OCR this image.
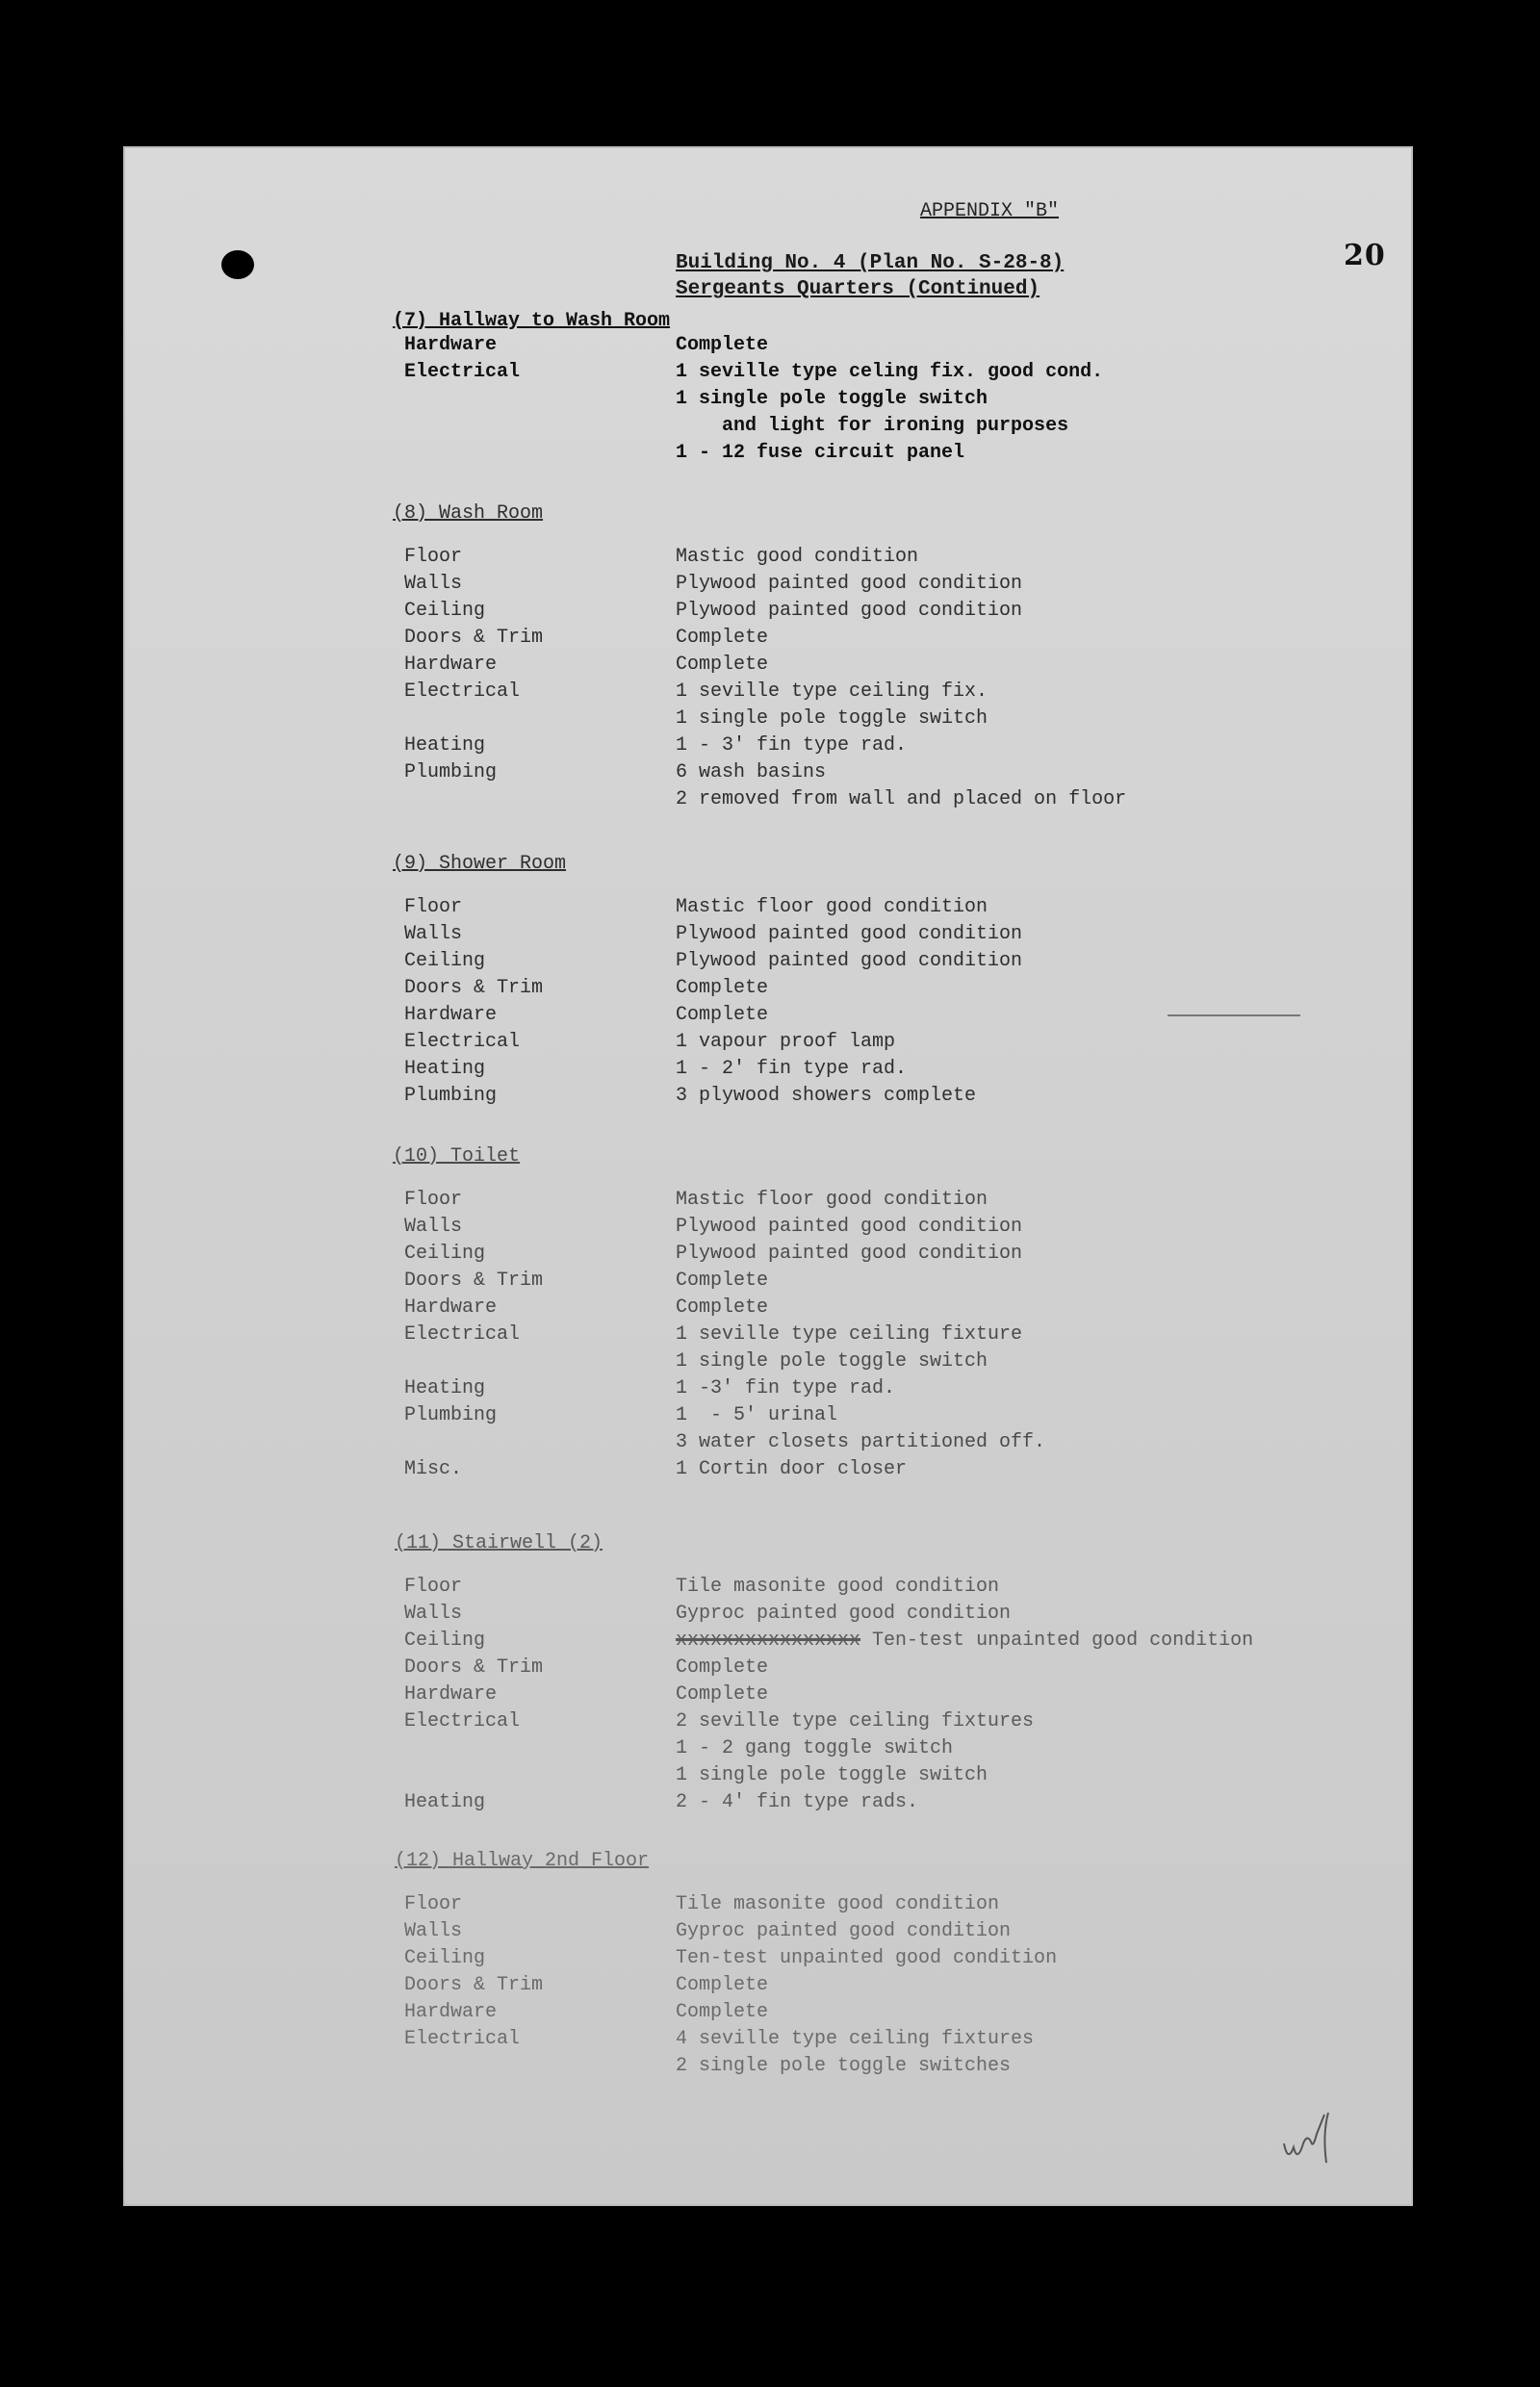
APPENDIX "B"
20
Building No. 4 (Plan No. S-28-8)
Sergeants Quarters (Continued)
(7) Hallway to Wash Room
Hardware	Complete
Electrical	1 seville type celing fix. good cond.
1 single pole toggle switch
and light for ironing purposes
1 - 12 fuse circuit panel
(8) Wash Room
Floor	Mastic good condition
Walls	Plywood painted good condition
Ceiling	Plywood painted good condition
Doors & Trim	Complete
Hardware	Complete
Electrical	1 seville type ceiling fix.
1 single pole toggle switch
Heating	1 - 3' fin type rad.
Plumbing	6 wash basins
2 removed from wall and placed on floor
(9) Shower Room
Floor	Mastic floor good condition
Walls	Plywood painted good condition
Ceiling	Plywood painted good condition
Doors & Trim	Complete
Hardware	Complete
Electrical	1 vapour proof lamp
Heating	1 - 2' fin type rad.
Plumbing	3 plywood showers complete
(10) Toilet
Floor	Mastic floor good condition
Walls	Plywood painted good condition
Ceiling	Plywood painted good condition
Doors & Trim	Complete
Hardware	Complete
Electrical	1 seville type ceiling fixture
1 single pole toggle switch
Heating	1 -3' fin type rad.
Plumbing	1  - 5' urinal
3 water closets partitioned off.
Misc.	1 Cortin door closer
(11) Stairwell (2)
Floor	Tile masonite good condition
Walls	Gyproc painted good condition
Ceiling	xxxxxxxxxxxxxxxx Ten-test unpainted good condition
Doors & Trim	Complete
Hardware	Complete
Electrical	2 seville type ceiling fixtures
1 - 2 gang toggle switch
1 single pole toggle switch
Heating	2 - 4' fin type rads.
(12) Hallway 2nd Floor
Floor	Tile masonite good condition
Walls	Gyproc painted good condition
Ceiling	Ten-test unpainted good condition
Doors & Trim	Complete
Hardware	Complete
Electrical	4 seville type ceiling fixtures
2 single pole toggle switches
